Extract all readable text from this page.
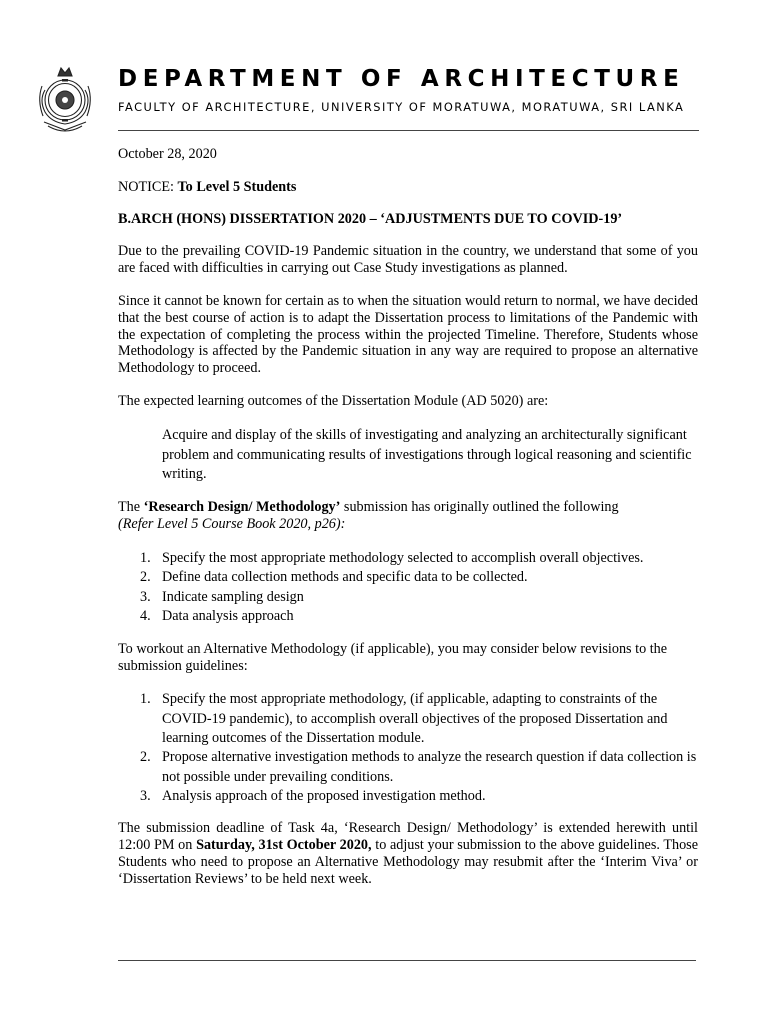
DEPARTMENT OF ARCHITECTURE
FACULTY OF ARCHITECTURE, UNIVERSITY OF MORATUWA, MORATUWA, SRI LANKA

October 28, 2020

NOTICE: To Level 5 Students

B.ARCH (HONS) DISSERTATION 2020 – ‘ADJUSTMENTS DUE TO COVID-19’

Due to the prevailing COVID-19 Pandemic situation in the country, we understand that some of you are faced with difficulties in carrying out Case Study investigations as planned.

Since it cannot be known for certain as to when the situation would return to normal, we have decided that the best course of action is to adapt the Dissertation process to limitations of the Pandemic with the expectation of completing the process within the projected Timeline. Therefore, Students whose Methodology is affected by the Pandemic situation in any way are required to propose an alternative Methodology to proceed.

The expected learning outcomes of the Dissertation Module (AD 5020) are:

Acquire and display of the skills of investigating and analyzing an architecturally significant problem and communicating results of investigations through logical reasoning and scientific writing.

The ‘Research Design/ Methodology’ submission has originally outlined the following
(Refer Level 5 Course Book 2020, p26):

1. Specify the most appropriate methodology selected to accomplish overall objectives.
2. Define data collection methods and specific data to be collected.
3. Indicate sampling design
4. Data analysis approach

To workout an Alternative Methodology (if applicable), you may consider below revisions to the submission guidelines:

1. Specify the most appropriate methodology, (if applicable, adapting to constraints of the COVID-19 pandemic), to accomplish overall objectives of the proposed Dissertation and learning outcomes of the Dissertation module.
2. Propose alternative investigation methods to analyze the research question if data collection is not possible under prevailing conditions.
3. Analysis approach of the proposed investigation method.

The submission deadline of Task 4a, ‘Research Design/ Methodology’ is extended herewith until 12:00 PM on Saturday, 31st October 2020, to adjust your submission to the above guidelines. Those Students who need to propose an Alternative Methodology may resubmit after the ‘Interim Viva’ or ‘Dissertation Reviews’ to be held next week.
